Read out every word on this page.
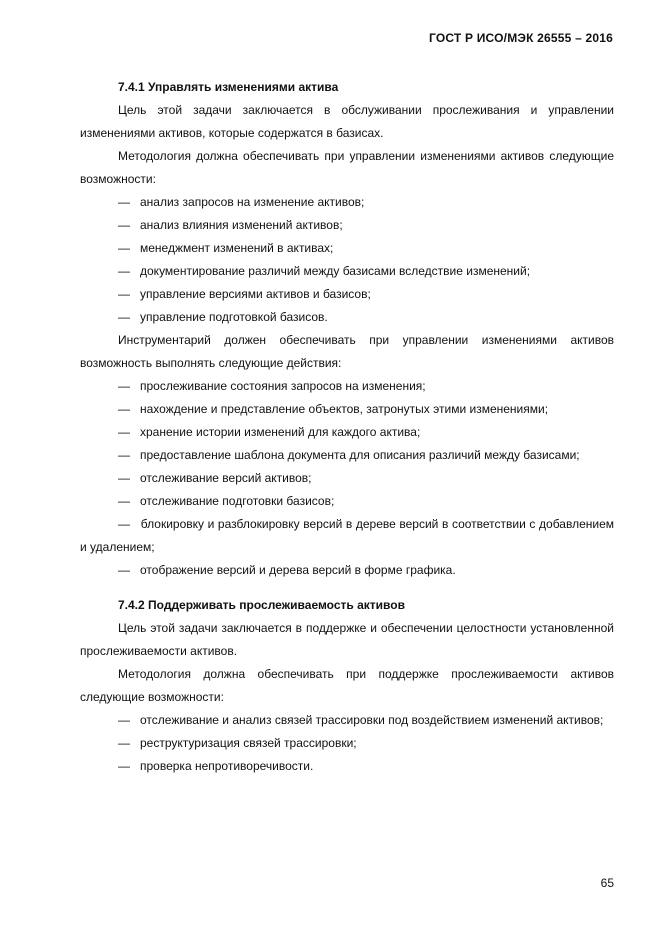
ГОСТ Р ИСО/МЭК 26555 – 2016

7.4.1 Управлять изменениями актива

Цель этой задачи заключается в обслуживании прослеживания и управлении изменениями активов, которые содержатся в базисах.

Методология должна обеспечивать при управлении изменениями активов следующие возможности:

—   анализ запросов на изменение активов;

—   анализ влияния изменений активов;

—   менеджмент изменений в активах;

—   документирование различий между базисами вследствие изменений;

—   управление версиями активов и базисов;

—   управление подготовкой базисов.

Инструментарий должен обеспечивать при управлении изменениями активов возможность выполнять следующие действия:

—   прослеживание состояния запросов на изменения;

—   нахождение и представление объектов, затронутых этими изменениями;

—   хранение истории изменений для каждого актива;

—   предоставление шаблона документа для описания различий между базисами;

—   отслеживание версий активов;

—   отслеживание подготовки базисов;

—   блокировку и разблокировку версий в дереве версий в соответствии с добавлением и удалением;

—   отображение версий и дерева версий в форме графика.

7.4.2 Поддерживать прослеживаемость активов

Цель этой задачи заключается в поддержке и обеспечении целостности установленной прослеживаемости активов.

Методология должна обеспечивать при поддержке прослеживаемости активов следующие возможности:

—   отслеживание и анализ связей трассировки под воздействием изменений активов;

—   реструктуризация связей трассировки;

—   проверка непротиворечивости.

65
